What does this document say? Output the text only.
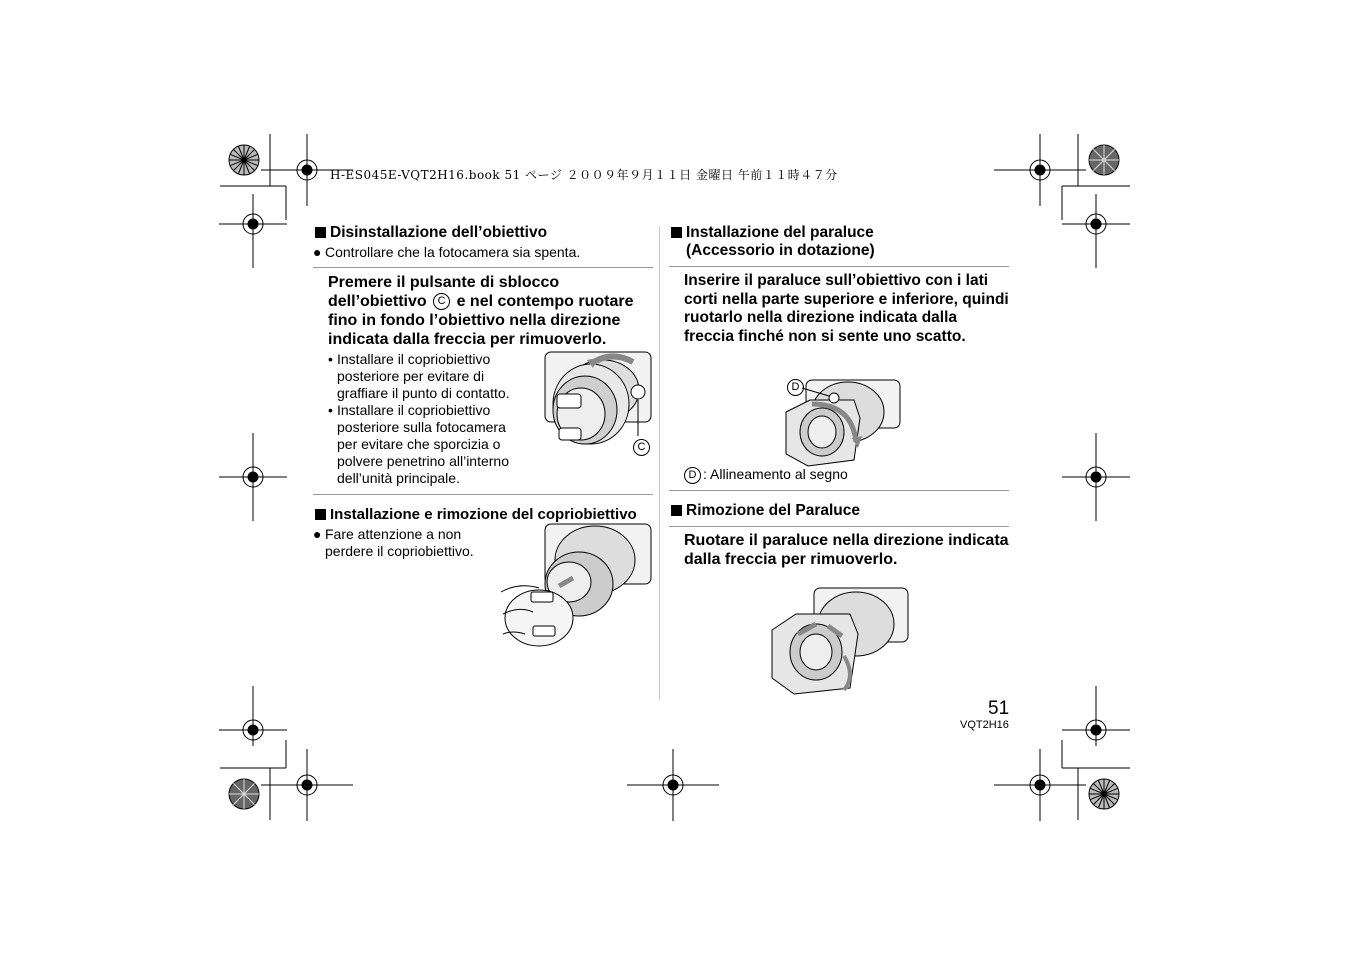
H-ES045E-VQT2H16.book 51 ページ ２００９年９月１１日 金曜日 午前１１時４７分
Disinstallazione dell’obiettivo
● Controllare che la fotocamera sia spenta.
Premere il pulsante di sblocco dell’obiettivo C e nel contempo ruotare fino in fondo l’obiettivo nella direzione indicata dalla freccia per rimuoverlo.
• Installare il copriobiettivo posteriore per evitare di graffiare il punto di contatto.
• Installare il copriobiettivo posteriore sulla fotocamera per evitare che sporcizia o polvere penetrino all’interno dell’unità principale.
Installazione e rimozione del copriobiettivo
● Fare attenzione a non perdere il copriobiettivo.
C
Installazione del paraluce
(Accessorio in dotazione)
Inserire il paraluce sull’obiettivo con i lati corti nella parte superiore e inferiore, quindi ruotarlo nella direzione indicata dalla freccia finché non si sente uno scatto.
D : Allineamento al segno
Rimozione del Paraluce
Ruotare il paraluce nella direzione indicata dalla freccia per rimuoverlo.
D
51
VQT2H16
